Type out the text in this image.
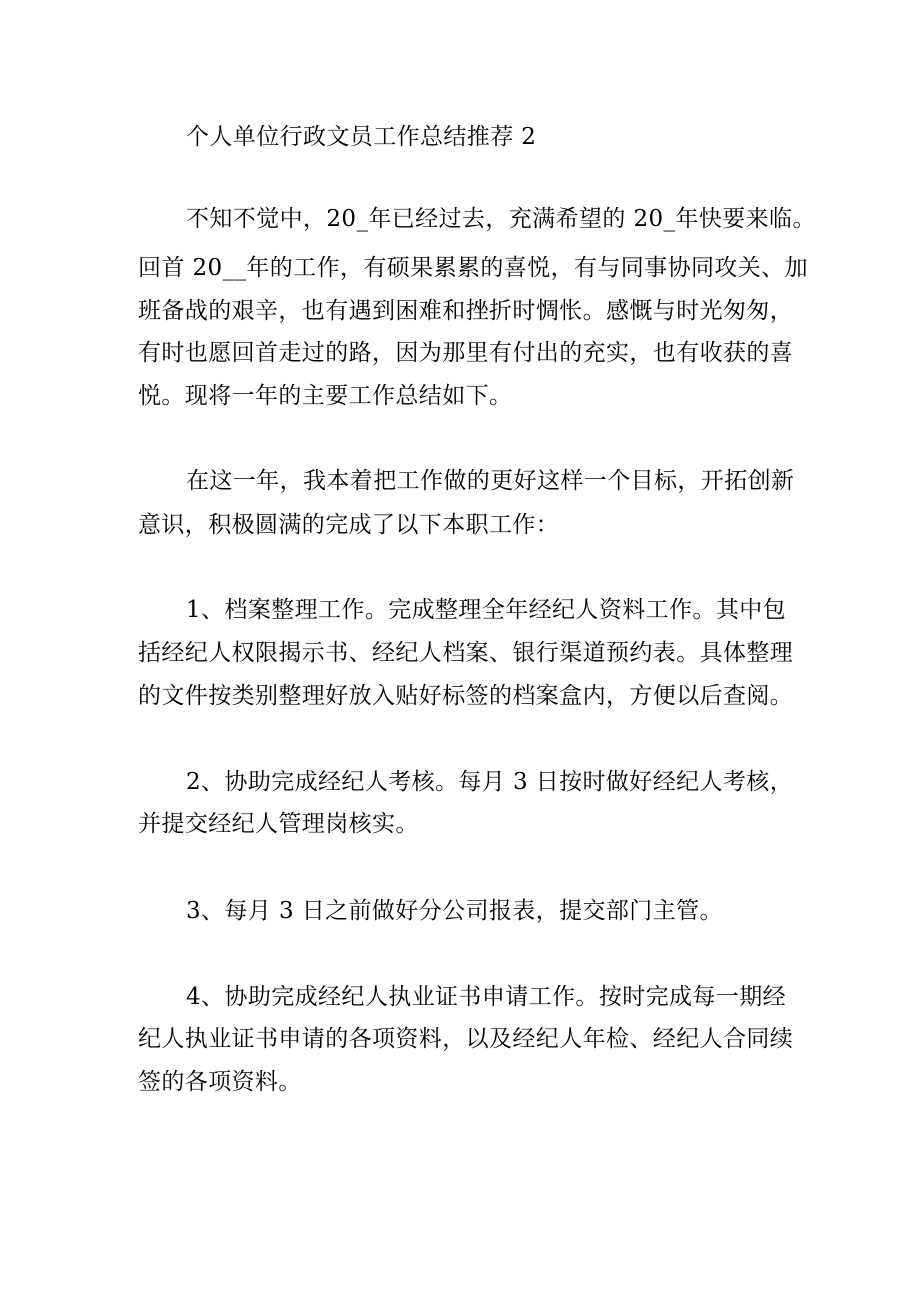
个人单位行政文员工作总结推荐 2
不知不觉中，20_年已经过去，充满希望的 20_年快要来临。
回首 20__年的工作，有硕果累累的喜悦，有与同事协同攻关、加
班备战的艰辛，也有遇到困难和挫折时惆怅。感慨与时光匆匆，
有时也愿回首走过的路，因为那里有付出的充实，也有收获的喜
悦。现将一年的主要工作总结如下。
在这一年，我本着把工作做的更好这样一个目标，开拓创新
意识，积极圆满的完成了以下本职工作：
1、档案整理工作。完成整理全年经纪人资料工作。其中包
括经纪人权限揭示书、经纪人档案、银行渠道预约表。具体整理
的文件按类别整理好放入贴好标签的档案盒内，方便以后查阅。
2、协助完成经纪人考核。每月 3 日按时做好经纪人考核，
并提交经纪人管理岗核实。
3、每月 3 日之前做好分公司报表，提交部门主管。
4、协助完成经纪人执业证书申请工作。按时完成每一期经
纪人执业证书申请的各项资料，以及经纪人年检、经纪人合同续
签的各项资料。
